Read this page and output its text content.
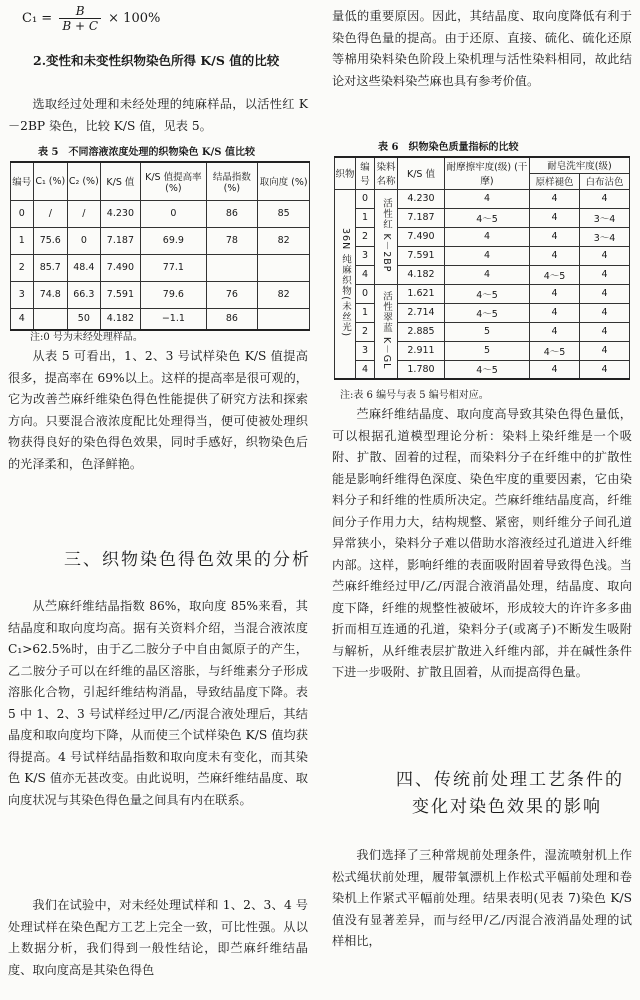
$C_1 = \frac{B}{B + C} \times 100\%$
2.变性和未变性织物染色所得 K/S 值的比较
选取经过处理和未经处理的纯麻样品，以活性红 K－2BP 染色，比较 K/S 值，见表 5。
表 5　不同溶液浓度处理的织物染色 K/S 值比较
编号	C₁ (%)	C₂ (%)	K/S 值	K/S 值提高率 (%)	结晶指数 (%)	取向度 (%)
0	/	/	4.230	0	86	85
1	75.6	0	7.187	69.9	78	82
2	85.7	48.4	7.490	77.1		
3	74.8	66.3	7.591	79.6	76	82
4		50	4.182	−1.1	86	
注:0 号为未经处理样品。
从表 5 可看出，1、2、3 号试样染色 K/S 值提高很多，提高率在 69%以上。这样的提高率是很可观的，它为改善苎麻纤维染色得色性能提供了研究方法和探索方向。只要混合液浓度配比处理得当，便可使被处理织物获得良好的染色得色效果，同时手感好，织物染色后的光泽柔和，色泽鲜艳。
三、织物染色得色效果的分析
从苎麻纤维结晶指数 86%，取向度 85%来看，其结晶度和取向度均高。据有关资料介绍，当混合液浓度 C₁>62.5%时，由于乙二胺分子中自由氮原子的产生，乙二胺分子可以在纤维的晶区溶胀，与纤维素分子形成溶胀化合物，引起纤维结构消晶，导致结晶度下降。表 5 中 1、2、3 号试样经过甲/乙/丙混合液处理后，其结晶度和取向度均下降，从而使三个试样染色 K/S 值均获得提高。4 号试样结晶指数和取向度未有变化，而其染色 K/S 值亦无甚改变。由此说明，苎麻纤维结晶度、取向度状况与其染色得色量之间具有内在联系。
我们在试验中，对未经处理试样和 1、2、3、4 号处理试样在染色配方工艺上完全一致，可比性强。从以上数据分析，我们得到一般性结论，即苎麻纤维结晶度、取向度高是其染色得色
量低的重要原因。因此，其结晶度、取向度降低有利于染色得色量的提高。由于还原、直接、硫化、硫化还原等棉用染料染色阶段上染机理与活性染料相同，故此结论对这些染料染苎麻也具有参考价值。
表 6　织物染色质量指标的比较
织物	编号	染料名称	K/S 值	耐摩擦牢度(级) (干摩)	耐皂洗牢度(级)	
					原样褪色	白布沾色
36N 纯麻织物(未丝光)	0	活性红 K－2BP	4.230	4	4	4
	1		7.187	4～5	4	3～4
	2		7.490	4	4	3～4
	3		7.591	4	4	4
	4		4.182	4	4～5	4
	0	活性翠蓝 K－GL	1.621	4～5	4	4
	1		2.714	4～5	4	4
	2		2.885	5	4	4
	3		2.911	5	4～5	4
	4		1.780	4～5	4	4
注:表 6 编号与表 5 编号相对应。
苎麻纤维结晶度、取向度高导致其染色得色量低，可以根据孔道模型理论分析：染料上染纤维是一个吸附、扩散、固着的过程，而染料分子在纤维中的扩散性能是影响纤维得色深度、染色牢度的重要因素，它由染料分子和纤维的性质所决定。苎麻纤维结晶度高，纤维间分子作用力大，结构规整、紧密，则纤维分子间孔道异常狭小，染料分子难以借助水溶液经过孔道进入纤维内部。这样，影响纤维的表面吸附固着导致得色浅。当苎麻纤维经过甲/乙/丙混合液消晶处理，结晶度、取向度下降，纤维的规整性被破坏，形成较大的许许多多曲折而相互连通的孔道，染料分子(或离子)不断发生吸附与解析，从纤维表层扩散进入纤维内部，并在碱性条件下进一步吸附、扩散且固着，从而提高得色量。
四、传统前处理工艺条件的
变化对染色效果的影响
我们选择了三种常规前处理条件，湿流喷射机上作松式绳状前处理，履带氧漂机上作松式平幅前处理和卷染机上作紧式平幅前处理。结果表明(见表 7)染色 K/S 值没有显著差异，而与经甲/乙/丙混合液消晶处理的试样相比，
